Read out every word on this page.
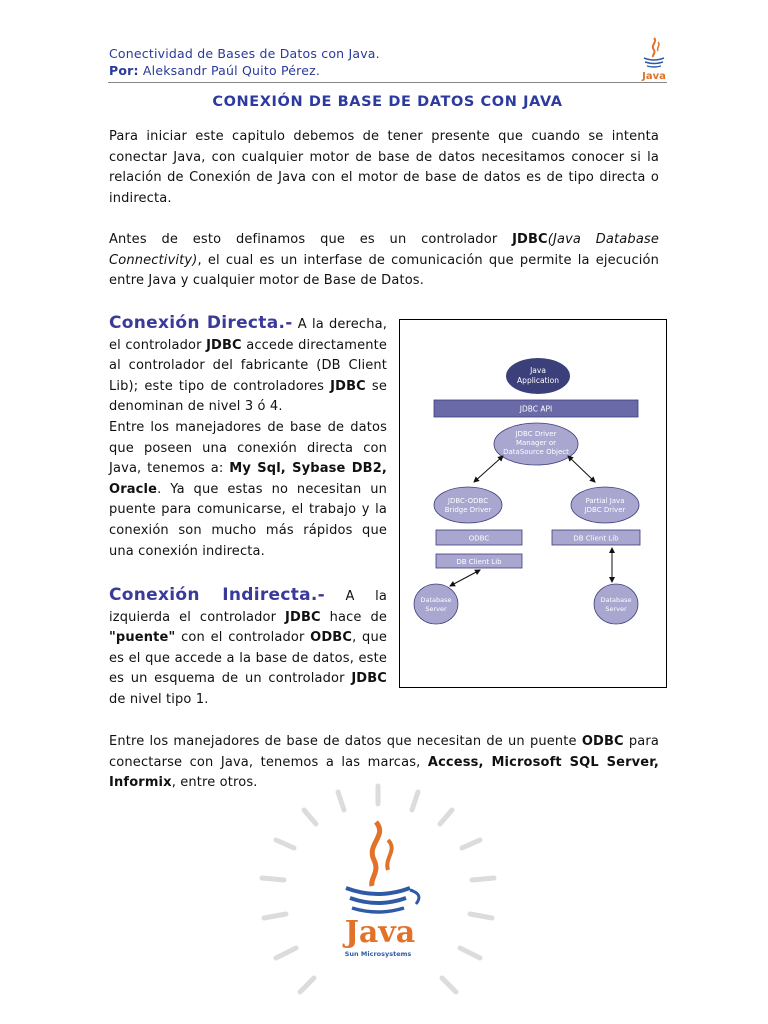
Conectividad de Bases de Datos con Java.
Por: Aleksandr Paúl Quito Pérez.	Java
CONEXIÓN DE BASE DE DATOS CON JAVA
Para iniciar este capitulo debemos de tener presente que cuando se intenta conectar Java, con cualquier motor de base de datos necesitamos conocer si la relación de Conexión de Java con el motor de base de datos es de tipo directa o indirecta.
Antes de esto definamos que es un controlador JDBC(Java Database Connectivity), el cual es un interfase de comunicación que permite la ejecución entre Java y cualquier motor de Base de Datos.
Conexión Directa.- A la derecha, el controlador JDBC accede directamente al controlador del fabricante (DB Client Lib); este tipo de controladores JDBC se denominan de nivel 3 ó 4.
Entre los manejadores de base de datos que poseen una conexión directa con Java, tenemos a: My Sql, Sybase DB2, Oracle. Ya que estas no necesitan un puente para comunicarse, el trabajo y la conexión son mucho más rápidos que una conexión indirecta.
Conexión Indirecta.- A la izquierda el controlador JDBC hace de "puente" con el controlador ODBC, que es el que accede a la base de datos, este es un esquema de un controlador JDBC de nivel tipo 1.
Java
Application
JDBC API
JDBC Driver
Manager or
DataSource Object
JDBC-ODBC
Bridge Driver
Partial Java
JDBC Driver
ODBC
DB Client Lib
DB Client Lib
Database
Server
Database
Server
Entre los manejadores de base de datos que necesitan de un puente ODBC para conectarse con Java, tenemos a las marcas, Access, Microsoft SQL Server, Informix, entre otros.
Java
Sun Microsystems
